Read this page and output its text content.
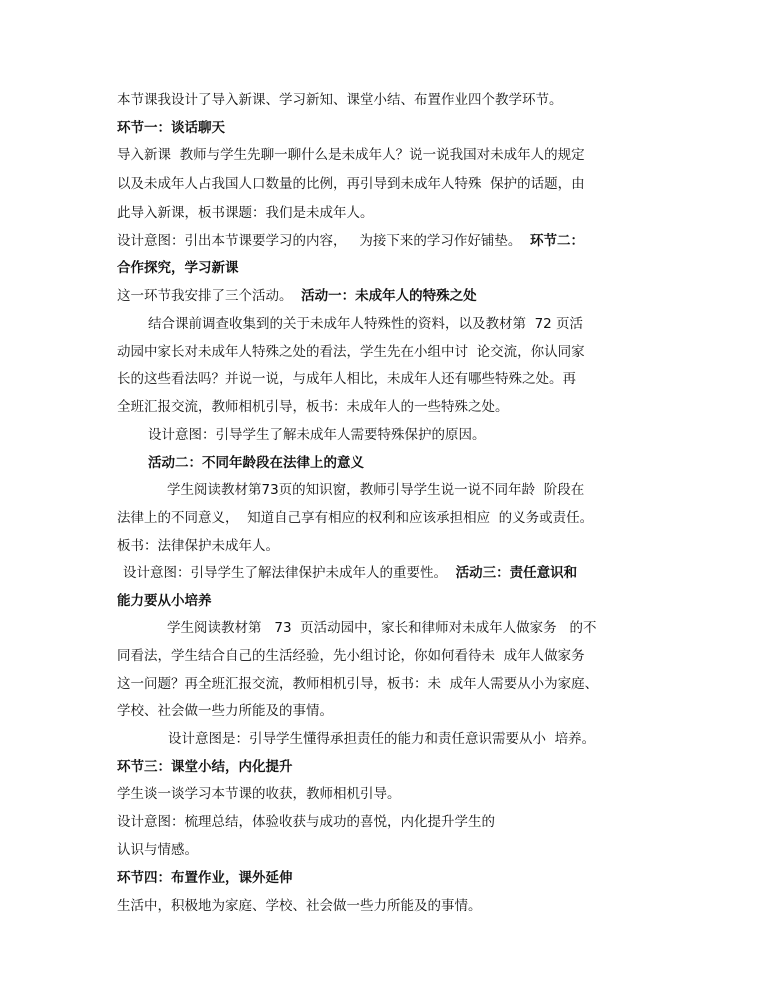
本节课我设计了导入新课、学习新知、课堂小结、布置作业四个教学环节。
环节一：谈话聊天
导入新课  教师与学生先聊一聊什么是未成年人？说一说我国对未成年人的规定
以及未成年人占我国人口数量的比例，再引导到未成年人特殊  保护的话题，由
此导入新课，板书课题：我们是未成年人。
设计意图：引出本节课要学习的内容，   为接下来的学习作好铺垫。  环节二：
合作探究，学习新课
这一环节我安排了三个活动。  活动一：未成年人的特殊之处
结合课前调查收集到的关于未成年人特殊性的资料，以及教材第  72 页活
动园中家长对未成年人特殊之处的看法，学生先在小组中讨  论交流，你认同家
长的这些看法吗？并说一说，与成年人相比，未成年人还有哪些特殊之处。再
全班汇报交流，教师相机引导，板书：未成年人的一些特殊之处。
设计意图：引导学生了解未成年人需要特殊保护的原因。
活动二：不同年龄段在法律上的意义
学生阅读教材第73页的知识窗，教师引导学生说一说不同年龄  阶段在
法律上的不同意义，  知道自己享有相应的权利和应该承担相应  的义务或责任。
板书：法律保护未成年人。
设计意图：引导学生了解法律保护未成年人的重要性。  活动三：责任意识和
能力要从小培养
学生阅读教材第   73  页活动园中，家长和律师对未成年人做家务   的不
同看法，学生结合自己的生活经验，先小组讨论，你如何看待未  成年人做家务
这一问题？再全班汇报交流，教师相机引导，板书：未  成年人需要从小为家庭、
学校、社会做一些力所能及的事情。
设计意图是：引导学生懂得承担责任的能力和责任意识需要从小  培养。
环节三：课堂小结，内化提升
学生谈一谈学习本节课的收获，教师相机引导。
设计意图：梳理总结，体验收获与成功的喜悦，内化提升学生的
认识与情感。
环节四：布置作业，课外延伸
生活中，积极地为家庭、学校、社会做一些力所能及的事情。
